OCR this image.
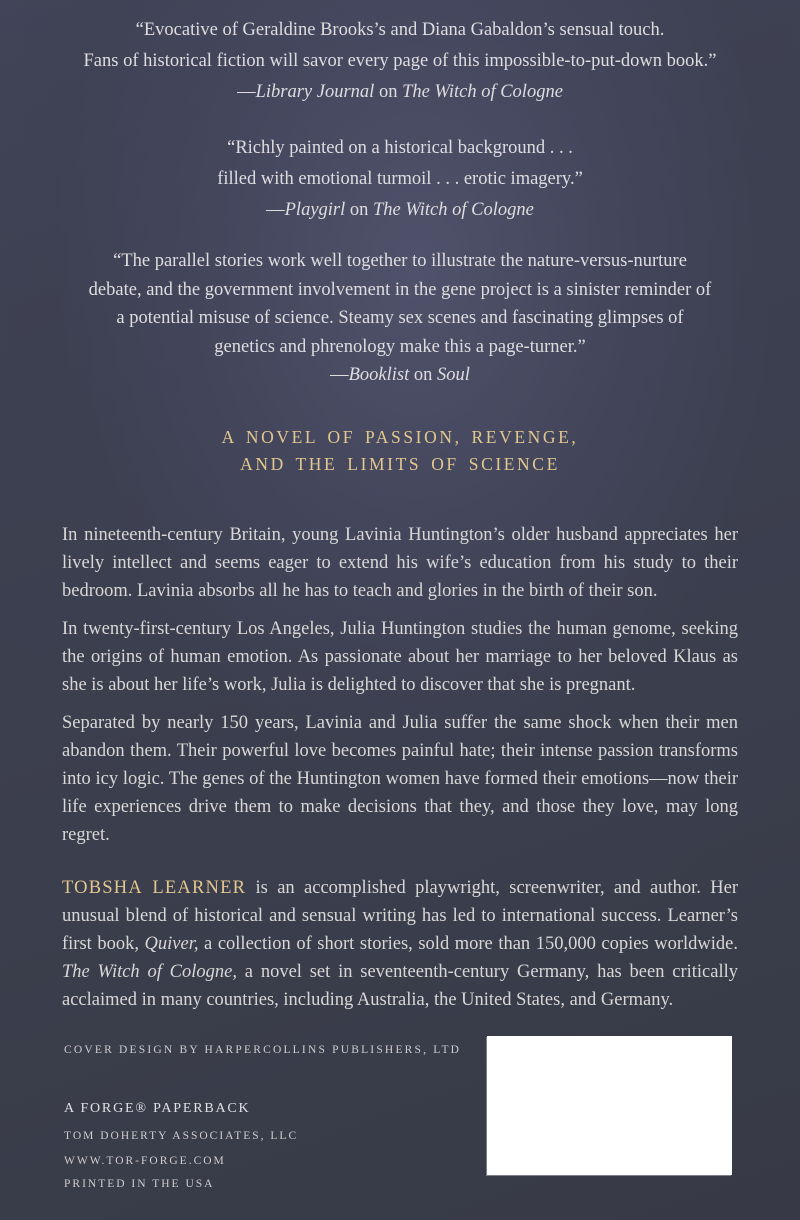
“Evocative of Geraldine Brooks’s and Diana Gabaldon’s sensual touch.
Fans of historical fiction will savor every page of this impossible-to-put-down book.”
—Library Journal on The Witch of Cologne
“Richly painted on a historical background . . .
filled with emotional turmoil . . . erotic imagery.”
—Playgirl on The Witch of Cologne
“The parallel stories work well together to illustrate the nature-versus-nurture
debate, and the government involvement in the gene project is a sinister reminder of
a potential misuse of science. Steamy sex scenes and fascinating glimpses of
genetics and phrenology make this a page-turner.”
—Booklist on Soul
A NOVEL OF PASSION, REVENGE,
AND THE LIMITS OF SCIENCE

In nineteenth-century Britain, young Lavinia Huntington’s older husband appreciates her lively intellect and seems eager to extend his wife’s education from his study to their bedroom. Lavinia absorbs all he has to teach and glories in the birth of their son.

In twenty-first-century Los Angeles, Julia Huntington studies the human genome, seeking the origins of human emotion. As passionate about her marriage to her beloved Klaus as she is about her life’s work, Julia is delighted to discover that she is pregnant.

Separated by nearly 150 years, Lavinia and Julia suffer the same shock when their men abandon them. Their powerful love becomes painful hate; their intense passion transforms into icy logic. The genes of the Huntington women have formed their emotions—now their life experiences drive them to make decisions that they, and those they love, may long regret.

TOBSHA LEARNER is an accomplished playwright, screenwriter, and author. Her unusual blend of historical and sensual writing has led to international success. Learner’s first book, Quiver, a collection of short stories, sold more than 150,000 copies worldwide. The Witch of Cologne, a novel set in seventeenth-century Germany, has been critically acclaimed in many countries, including Australia, the United States, and Germany.

COVER DESIGN BY HARPERCOLLINS PUBLISHERS, LTD
A FORGE® PAPERBACK
TOM DOHERTY ASSOCIATES, LLC
WWW.TOR-FORGE.COM
PRINTED IN THE USA
